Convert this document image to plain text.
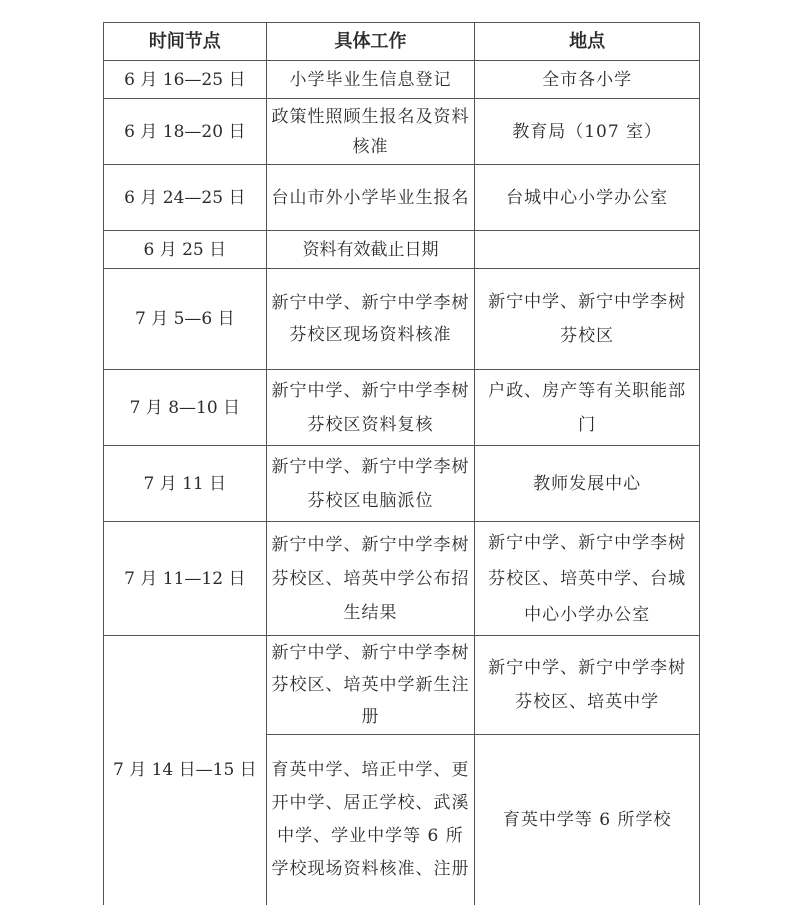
时间节点	具体工作	地点
6 月 16—25 日	小学毕业生信息登记	全市各小学
6 月 18—20 日	政策性照顾生报名及资料核准	教育局（107 室）
6 月 24—25 日	台山市外小学毕业生报名	台城中心小学办公室
6 月 25 日	资料有效截止日期	
7 月 5—6 日	新宁中学、新宁中学李树芬校区现场资料核准	新宁中学、新宁中学李树芬校区
7 月 8—10 日	新宁中学、新宁中学李树芬校区资料复核	户政、房产等有关职能部门
7 月 11 日	新宁中学、新宁中学李树芬校区电脑派位	教师发展中心
7 月 11—12 日	新宁中学、新宁中学李树芬校区、培英中学公布招生结果	新宁中学、新宁中学李树芬校区、培英中学、台城中心小学办公室
7 月 14 日—15 日	新宁中学、新宁中学李树芬校区、培英中学新生注册	新宁中学、新宁中学李树芬校区、培英中学
	育英中学、培正中学、更开中学、居正学校、武溪中学、学业中学等 6 所学校现场资料核准、注册	育英中学等 6 所学校
